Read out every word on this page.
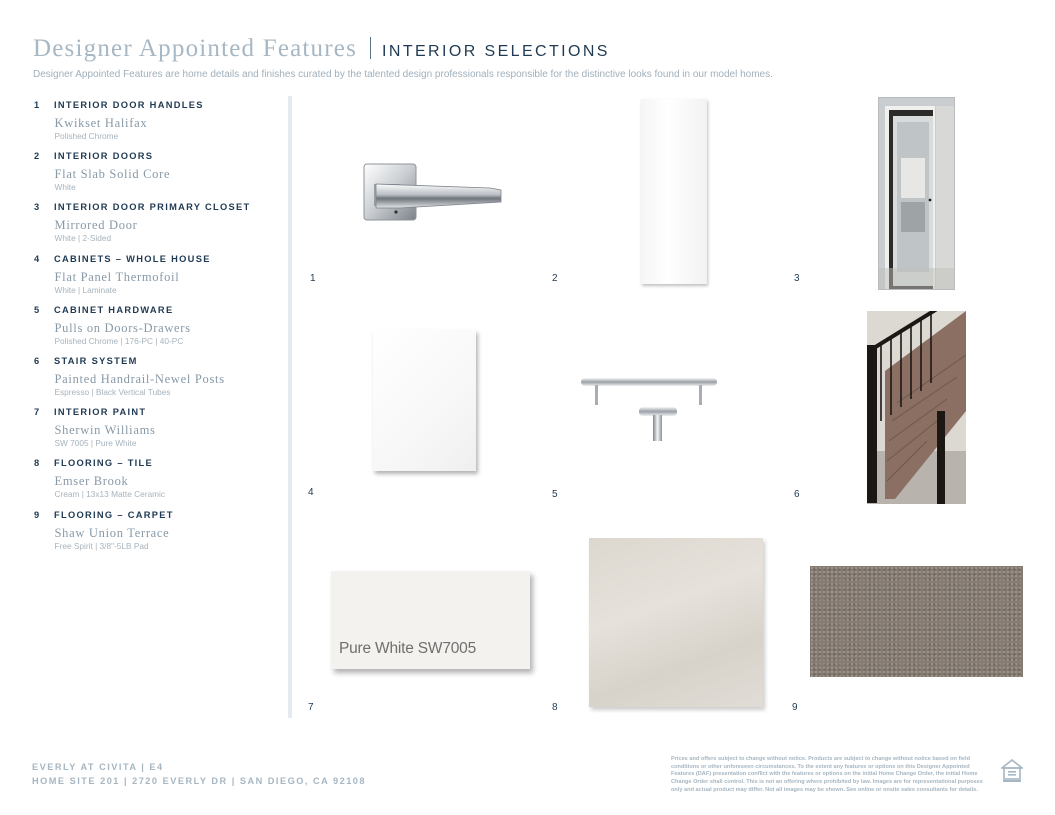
Designer Appointed Features INTERIOR SELECTIONS
Designer Appointed Features are home details and finishes curated by the talented design professionals responsible for the distinctive looks found in our model homes.
1	INTERIOR DOOR HANDLES
Kwikset Halifax
Polished Chrome
2	INTERIOR DOORS
Flat Slab Solid Core
White
3	INTERIOR DOOR PRIMARY CLOSET
Mirrored Door
White | 2-Sided
4	CABINETS – WHOLE HOUSE
Flat Panel Thermofoil
White | Laminate
5	CABINET HARDWARE
Pulls on Doors-Drawers
Polished Chrome | 176-PC | 40-PC
6	STAIR SYSTEM
Painted Handrail-Newel Posts
Espresso | Black Vertical Tubes
7	INTERIOR PAINT
Sherwin Williams
SW 7005 | Pure White
8	FLOORING – TILE
Emser Brook
Cream | 13x13 Matte Ceramic
9	FLOORING – CARPET
Shaw Union Terrace
Free Spirit | 3/8"-5LB Pad
1	2	3
4	5	6
Pure White SW7005
7	8	9
EVERLY AT CIVITA | E4
HOME SITE 201 | 2720 EVERLY DR | SAN DIEGO, CA 92108
Prices and offers subject to change without notice. Products are subject to change without notice based on field conditions or other unforeseen circumstances. To the extent any features or options on this Designer Appointed Features (DAF) presentation conflict with the features or options on the initial Home Change Order, the initial Home Change Order shall control. This is not an offering where prohibited by law. Images are for representational purposes only and actual product may differ. Not all images may be shown. See online or onsite sales consultants for details.
